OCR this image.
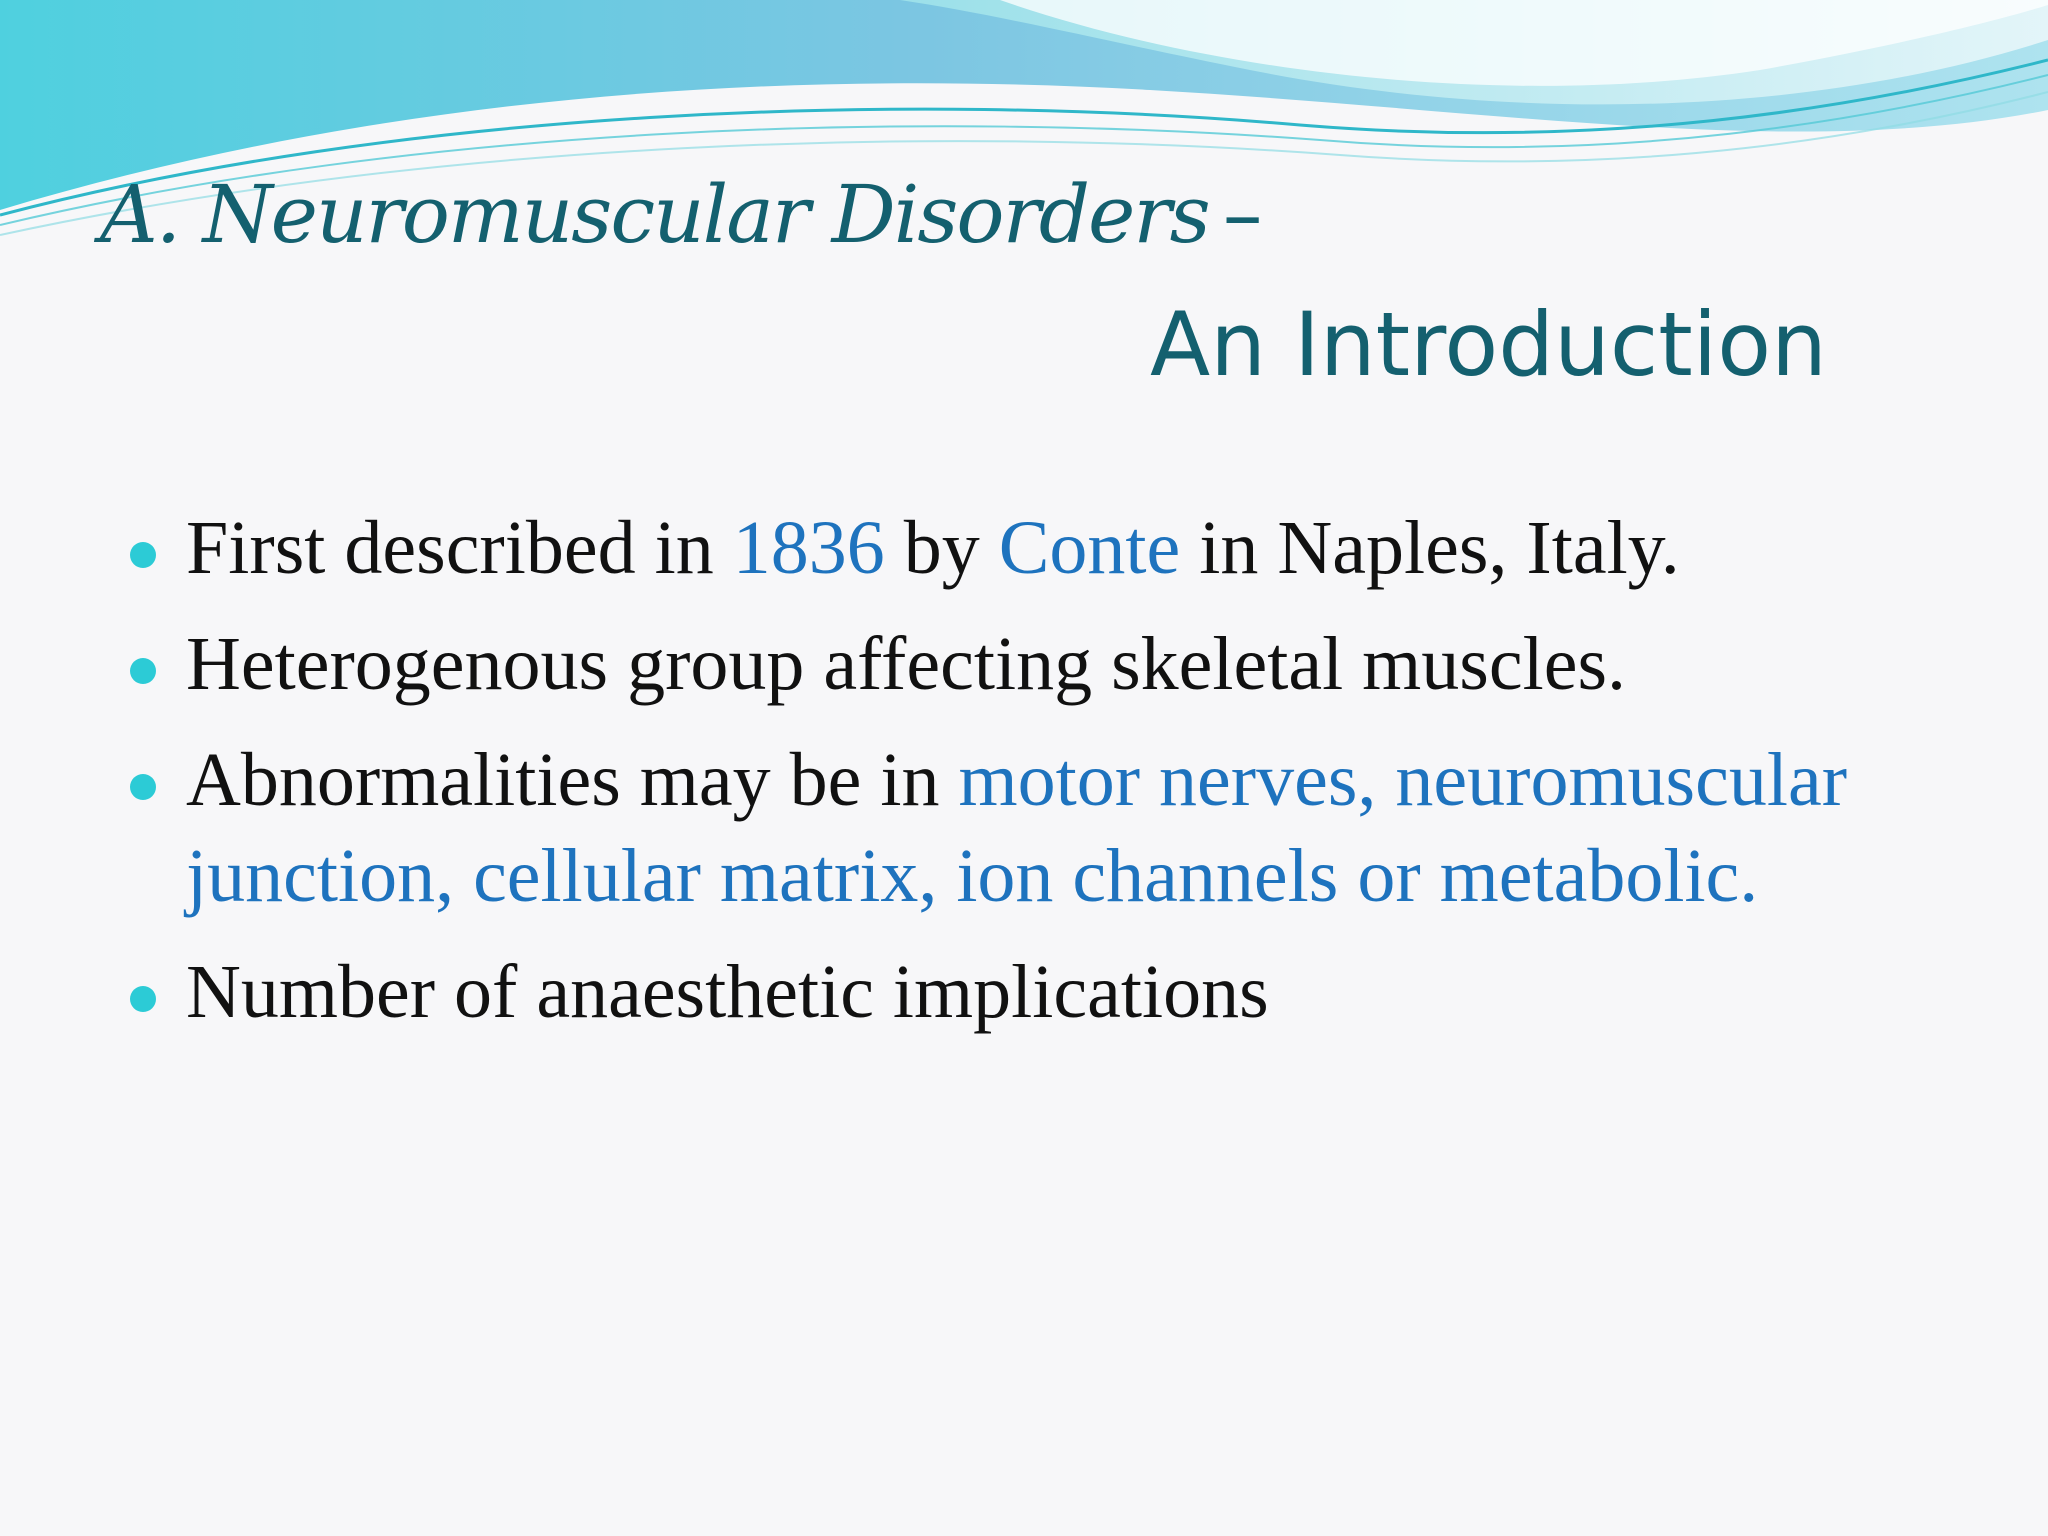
A. Neuromuscular Disorders –
An Introduction
First described in 1836 by Conte in Naples, Italy.
Heterogenous group affecting skeletal muscles.
Abnormalities may be in motor nerves, neuromuscular junction, cellular matrix, ion channels or metabolic.
Number of anaesthetic implications
